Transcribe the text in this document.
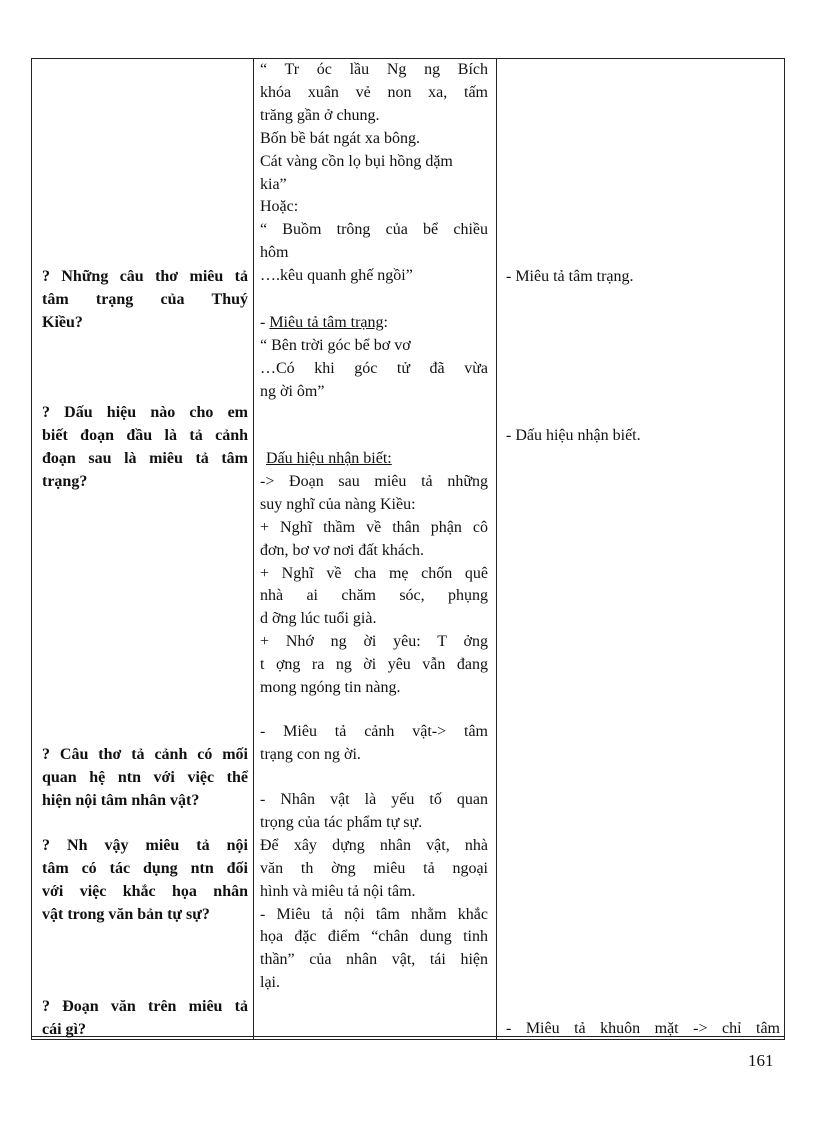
? Những câu thơ miêu tả
tâm trạng của Thuý
Kiều?
? Dấu hiệu nào cho em
biết đoạn đầu là tả cảnh
đoạn sau là miêu tả tâm
trạng?
? Câu thơ tả cảnh có mối
quan hệ ntn với việc thể
hiện nội tâm nhân vật?
? Nh vậy miêu tả nội
tâm có tác dụng ntn đối
với việc khắc họa nhân
vật trong văn bản tự sự?
? Đoạn văn trên miêu tả
cái gì?
“ Tr óc lầu Ng ng Bích
khóa xuân vẻ non xa, tấm
trăng gần ở chung.
Bốn bề bát ngát xa bông.
Cát vàng cồn lọ bụi hồng dặm
kia”
Hoặc:
“ Buồm trông của bể chiều
hôm
….kêu quanh ghế ngồi”
- Miêu tả tâm trạng:
“ Bên trời góc bể bơ vơ
…Có khi góc tử đã vừa
ng ời ôm”
Dấu hiệu nhận biết:
-> Đoạn sau miêu tả những
suy nghĩ của nàng Kiều:
+ Nghĩ thầm về thân phận cô
đơn, bơ vơ nơi đất khách.
+ Nghĩ về cha mẹ chốn quê
nhà ai chăm sóc, phụng
d ỡng lúc tuổi già.
+ Nhớ ng ời yêu: T ởng
t ợng ra ng ời yêu vẫn đang
mong ngóng tin nàng.
- Miêu tả cảnh vật-> tâm
trạng con ng ời.
- Nhân vật là yếu tố quan
trọng của tác phẩm tự sự.
Để xây dựng nhân vật, nhà
văn th ờng miêu tả ngoại
hình và miêu tả nội tâm.
- Miêu tả nội tâm nhằm khắc
họa đặc điểm “chân dung tinh
thần” của nhân vật, tái hiện
lại.
- Miêu tả tâm trạng.
- Dấu hiệu nhận biết.
- Miêu tả khuôn mặt -> chỉ tâm
161
